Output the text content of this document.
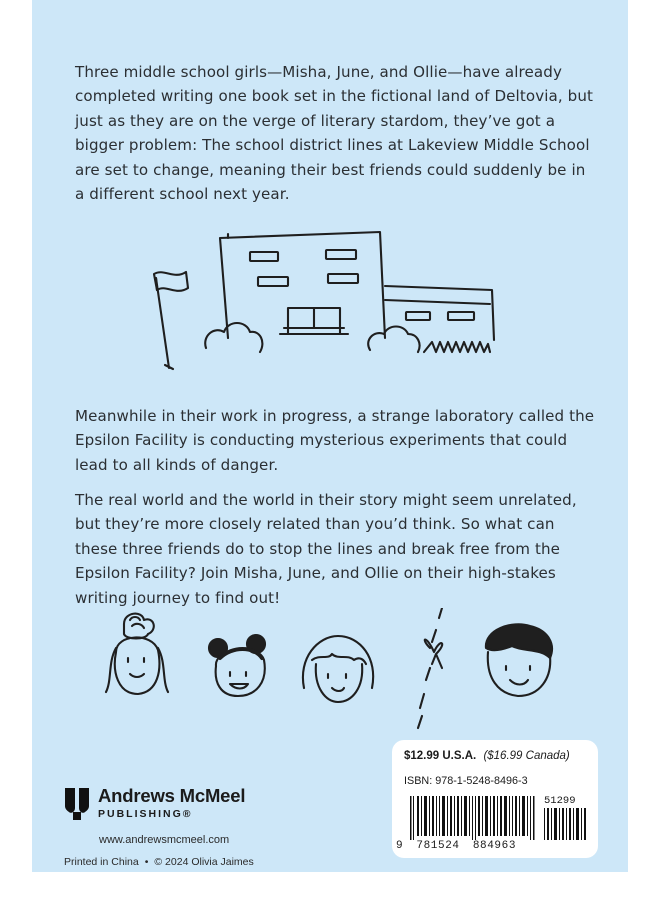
Three middle school girls—Misha, June, and Ollie—have already completed writing one book set in the fictional land of Deltovia, but just as they are on the verge of literary stardom, they’ve got a bigger problem: The school district lines at Lakeview Middle School are set to change, meaning their best friends could suddenly be in a different school next year.

Meanwhile in their work in progress, a strange laboratory called the Epsilon Facility is conducting mysterious experiments that could lead to all kinds of danger.

The real world and the world in their story might seem unrelated, but they’re more closely related than you’d think. So what can these three friends do to stop the lines and break free from the Epsilon Facility? Join Misha, June, and Ollie on their high-stakes writing journey to find out!

$12.99 U.S.A. ($16.99 Canada)
ISBN: 978-1-5248-8496-3
51299
9 781524 884963
Andrews McMeel
PUBLISHING®
www.andrewsmcmeel.com
Printed in China • © 2024 Olivia Jaimes
